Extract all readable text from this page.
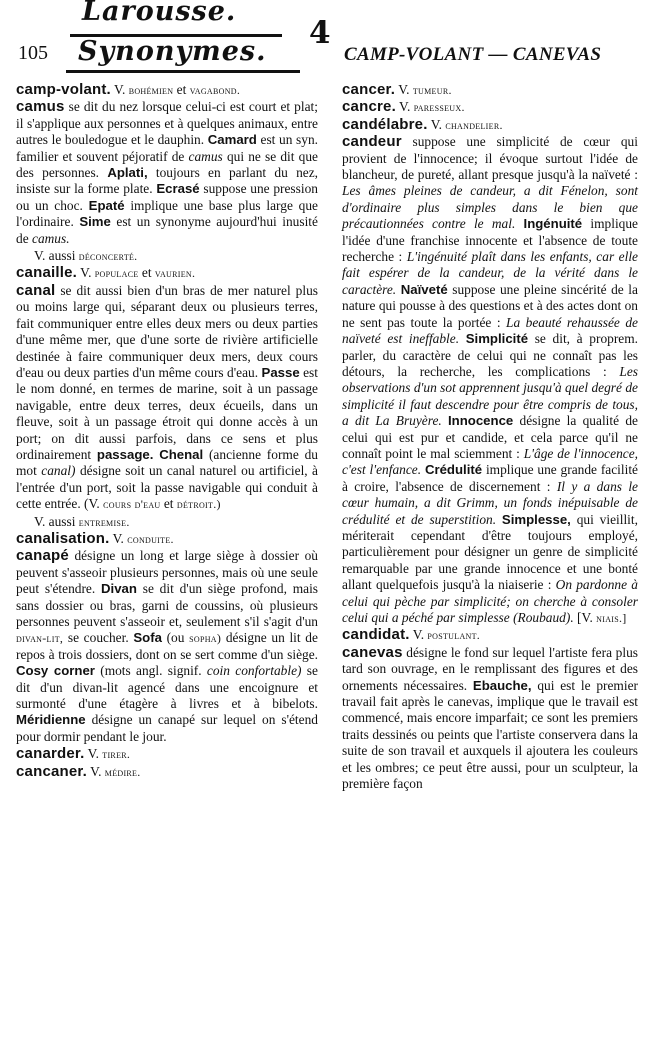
Larousse.
Synonymes.
4
105	CAMP-VOLANT — CANEVAS

camp-volant. V. bohémien et vagabond.

camus se dit du nez lorsque celui-ci est court et plat; il s'applique aux personnes et à quelques animaux, entre autres le bouledogue et le dauphin. Camard est un syn. familier et souvent péjoratif de camus qui ne se dit que des personnes. Aplati, toujours en parlant du nez, insiste sur la forme plate. Ecrasé suppose une pression ou un choc. Epaté implique une base plus large que l'ordinaire. Sime est un synonyme aujourd'hui inusité de camus.

V. aussi déconcerté.

canaille. V. populace et vaurien.

canal se dit aussi bien d'un bras de mer naturel plus ou moins large qui, séparant deux ou plusieurs terres, fait communiquer entre elles deux mers ou deux parties d'une même mer, que d'une sorte de rivière artificielle destinée à faire communiquer deux mers, deux cours d'eau ou deux parties d'un même cours d'eau. Passe est le nom donné, en termes de marine, soit à un passage navigable, entre deux terres, deux écueils, dans un fleuve, soit à un passage étroit qui donne accès à un port; on dit aussi parfois, dans ce sens et plus ordinairement passage. Chenal (ancienne forme du mot canal) désigne soit un canal naturel ou artificiel, à l'entrée d'un port, soit la passe navigable qui conduit à cette entrée. (V. cours d'eau et détroit.)

V. aussi entremise.

canalisation. V. conduite.

canapé désigne un long et large siège à dossier où peuvent s'asseoir plusieurs personnes, mais où une seule peut s'étendre. Divan se dit d'un siège profond, mais sans dossier ou bras, garni de coussins, où plusieurs personnes peuvent s'asseoir et, seulement s'il s'agit d'un divan-lit, se coucher. Sofa (ou sopha) désigne un lit de repos à trois dossiers, dont on se sert comme d'un siège. Cosy corner (mots angl. signif. coin confortable) se dit d'un divan-lit agencé dans une encoignure et surmonté d'une étagère à livres et à bibelots. Méridienne désigne un canapé sur lequel on s'étend pour dormir pendant le jour.

canarder. V. tirer.

cancaner. V. médire.

cancer. V. tumeur.

cancre. V. paresseux.

candélabre. V. chandelier.

candeur suppose une simplicité de cœur qui provient de l'innocence; il évoque surtout l'idée de blancheur, de pureté, allant presque jusqu'à la naïveté : Les âmes pleines de candeur, a dit Fénelon, sont d'ordinaire plus simples dans le bien que précautionnées contre le mal. Ingénuité implique l'idée d'une franchise innocente et l'absence de toute recherche : L'ingénuité plaît dans les enfants, car elle fait espérer de la candeur, de la vérité dans le caractère. Naïveté suppose une pleine sincérité de la nature qui pousse à des questions et à des actes dont on ne sent pas toute la portée : La beauté rehaussée de naïveté est ineffable. Simplicité se dit, à proprem. parler, du caractère de celui qui ne connaît pas les détours, la recherche, les complications : Les observations d'un sot apprennent jusqu'à quel degré de simplicité il faut descendre pour être compris de tous, a dit La Bruyère. Innocence désigne la qualité de celui qui est pur et candide, et cela parce qu'il ne connaît point le mal sciemment : L'âge de l'innocence, c'est l'enfance. Crédulité implique une grande facilité à croire, l'absence de discernement : Il y a dans le cœur humain, a dit Grimm, un fonds inépuisable de crédulité et de superstition. Simplesse, qui vieillit, mériterait cependant d'être toujours employé, particulièrement pour désigner un genre de simplicité remarquable par une grande innocence et une bonté allant quelquefois jusqu'à la niaiserie : On pardonne à celui qui pèche par simplicité; on cherche à consoler celui qui a péché par simplesse (Roubaud). [V. niais.]

candidat. V. postulant.

canevas désigne le fond sur lequel l'artiste fera plus tard son ouvrage, en le remplissant des figures et des ornements nécessaires. Ebauche, qui est le premier travail fait après le canevas, implique que le travail est commencé, mais encore imparfait; ce sont les premiers traits dessinés ou peints que l'artiste conservera dans la suite de son travail et auxquels il ajoutera les couleurs et les ombres; ce peut être aussi, pour un sculpteur, la première façon
